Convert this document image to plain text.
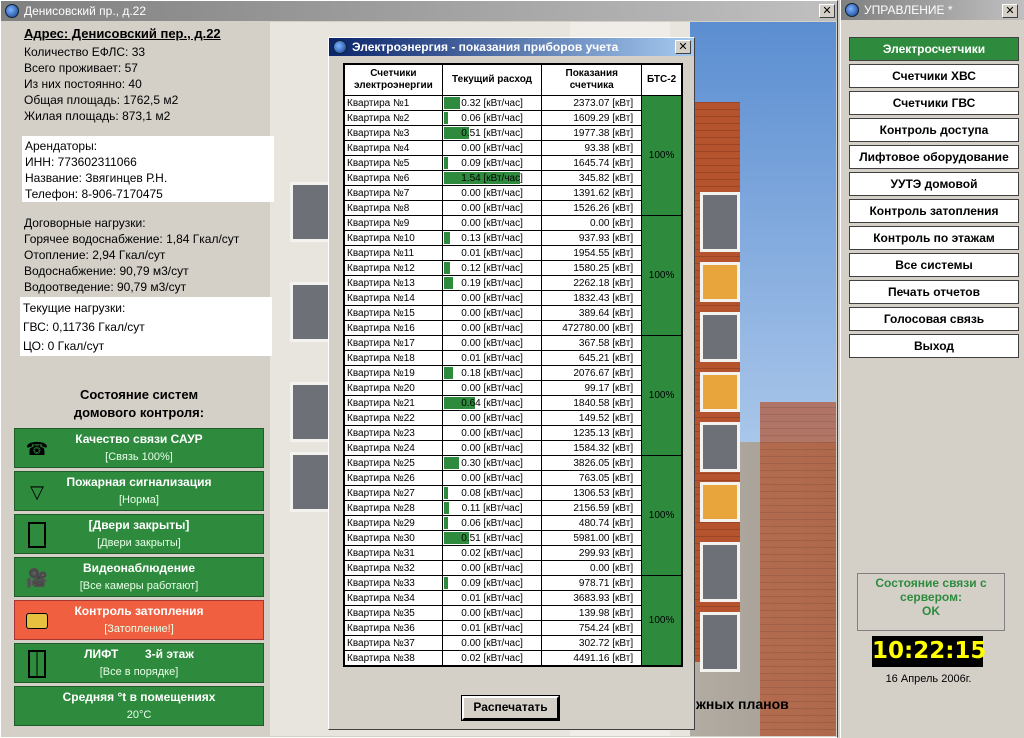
Денисовский пр., д.22	✕
Адрес: Денисовский пер., д.22
Количество ЕФЛС: 33
Всего проживает: 57
Из них постоянно: 40
Общая площадь: 1762,5 м2
Жилая площадь: 873,1 м2
Арендаторы:
ИНН: 773602311066
Название: Звягинцев Р.Н.
Телефон: 8-906-7170475
Договорные нагрузки:
Горячее водоснабжение: 1,84 Гкал/сут
Отопление: 2,94 Гкал/сут
Водоснабжение: 90,79 м3/сут
Водоотведение: 90,79 м3/сут
Текущие нагрузки:
ГВС: 0,11736 Гкал/сут
ЦО: 0 Гкал/сут
Состояние систем
домового контроля:
☎	Качество связи САУР
[Связь 100%]
▽	Пожарная сигнализация
[Норма]
[Двери закрыты]
[Двери закрыты]
🎥	Видеонаблюдение
[Все камеры работают]
Контроль затопления
[Затопление!]
ЛИФТ        3-й этаж
[Все в порядке]
Средняя °t в помещениях
20°С
жных планов
Электроэнергия - показания приборов учета	✕
Счетчики электроэнергии	Текущий расход	Показания счетчика	БТС-2
Квартира №1	0.32 [кВт/час]	2373.07 [кВт]	100%
Квартира №2	0.06 [кВт/час]	1609.29 [кВт]	
Квартира №3	0.51 [кВт/час]	1977.38 [кВт]	
Квартира №4	0.00 [кВт/час]	93.38 [кВт]	
Квартира №5	0.09 [кВт/час]	1645.74 [кВт]	
Квартира №6	1.54 [кВт/час]	345.82 [кВт]	
Квартира №7	0.00 [кВт/час]	1391.62 [кВт]	
Квартира №8	0.00 [кВт/час]	1526.26 [кВт]	
Квартира №9	0.00 [кВт/час]	0.00 [кВт]	100%
Квартира №10	0.13 [кВт/час]	937.93 [кВт]	
Квартира №11	0.01 [кВт/час]	1954.55 [кВт]	
Квартира №12	0.12 [кВт/час]	1580.25 [кВт]	
Квартира №13	0.19 [кВт/час]	2262.18 [кВт]	
Квартира №14	0.00 [кВт/час]	1832.43 [кВт]	
Квартира №15	0.00 [кВт/час]	389.64 [кВт]	
Квартира №16	0.00 [кВт/час]	472780.00 [кВт]	
Квартира №17	0.00 [кВт/час]	367.58 [кВт]	100%
Квартира №18	0.01 [кВт/час]	645.21 [кВт]	
Квартира №19	0.18 [кВт/час]	2076.67 [кВт]	
Квартира №20	0.00 [кВт/час]	99.17 [кВт]	
Квартира №21	0.64 [кВт/час]	1840.58 [кВт]	
Квартира №22	0.00 [кВт/час]	149.52 [кВт]	
Квартира №23	0.00 [кВт/час]	1235.13 [кВт]	
Квартира №24	0.00 [кВт/час]	1584.32 [кВт]	
Квартира №25	0.30 [кВт/час]	3826.05 [кВт]	100%
Квартира №26	0.00 [кВт/час]	763.05 [кВт]	
Квартира №27	0.08 [кВт/час]	1306.53 [кВт]	
Квартира №28	0.11 [кВт/час]	2156.59 [кВт]	
Квартира №29	0.06 [кВт/час]	480.74 [кВт]	
Квартира №30	0.51 [кВт/час]	5981.00 [кВт]	
Квартира №31	0.02 [кВт/час]	299.93 [кВт]	
Квартира №32	0.00 [кВт/час]	0.00 [кВт]	
Квартира №33	0.09 [кВт/час]	978.71 [кВт]	100%
Квартира №34	0.01 [кВт/час]	3683.93 [кВт]	
Квартира №35	0.00 [кВт/час]	139.98 [кВт]	
Квартира №36	0.01 [кВт/час]	754.24 [кВт]	
Квартира №37	0.00 [кВт/час]	302.72 [кВт]	
Квартира №38	0.02 [кВт/час]	4491.16 [кВт]	
Распечатать
УПРАВЛЕНИЕ *	✕
Электросчетчики
Счетчики ХВС
Счетчики ГВС
Контроль доступа
Лифтовое оборудование
УУТЭ домовой
Контроль затопления
Контроль по этажам
Все системы
Печать отчетов
Голосовая связь
Выход
Состояние связи с
сервером:
OK
10:22:15
16 Апрель 2006г.
